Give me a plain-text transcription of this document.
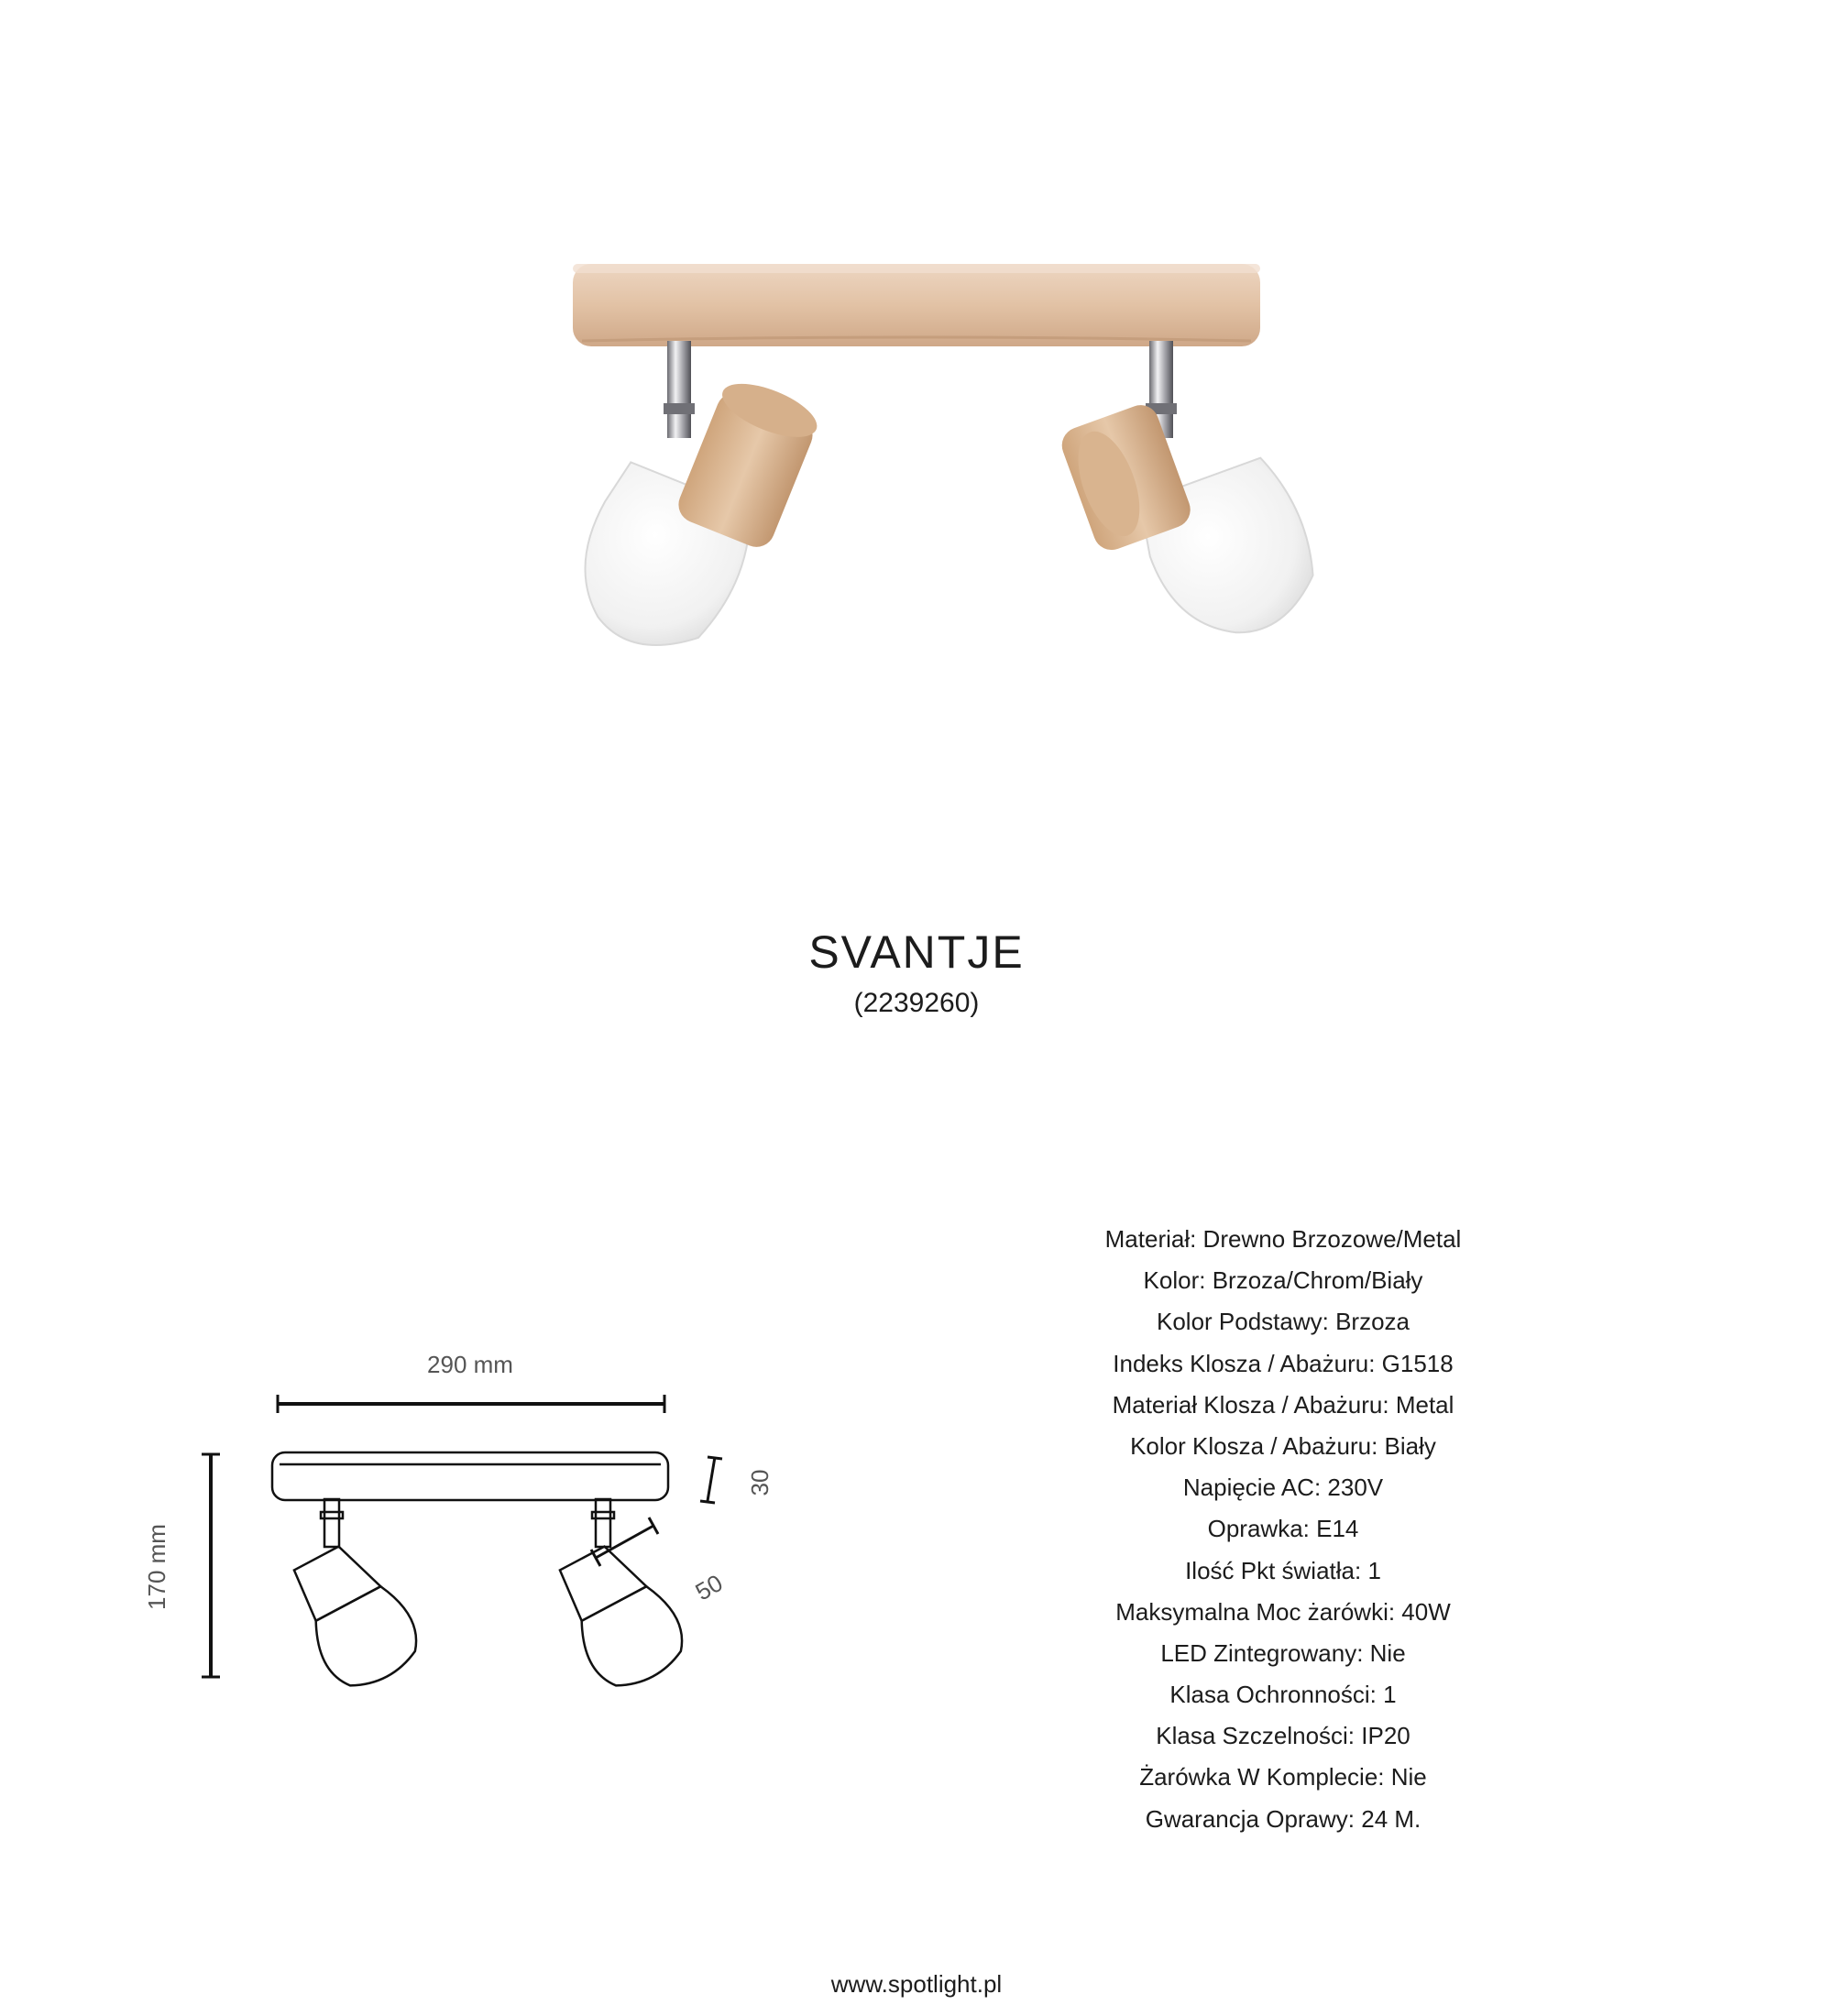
SVANTJE
(2239260)
290 mm
170 mm
30
50
Materiał: Drewno Brzozowe/Metal
Kolor: Brzoza/Chrom/Biały
Kolor Podstawy: Brzoza
Indeks Klosza / Abażuru: G1518
Materiał Klosza / Abażuru: Metal
Kolor Klosza / Abażuru: Biały
Napięcie AC: 230V
Oprawka: E14
Ilość Pkt światła: 1
Maksymalna Moc żarówki: 40W
LED Zintegrowany: Nie
Klasa Ochronności: 1
Klasa Szczelności: IP20
Żarówka W Komplecie: Nie
Gwarancja Oprawy: 24 M.
www.spotlight.pl
